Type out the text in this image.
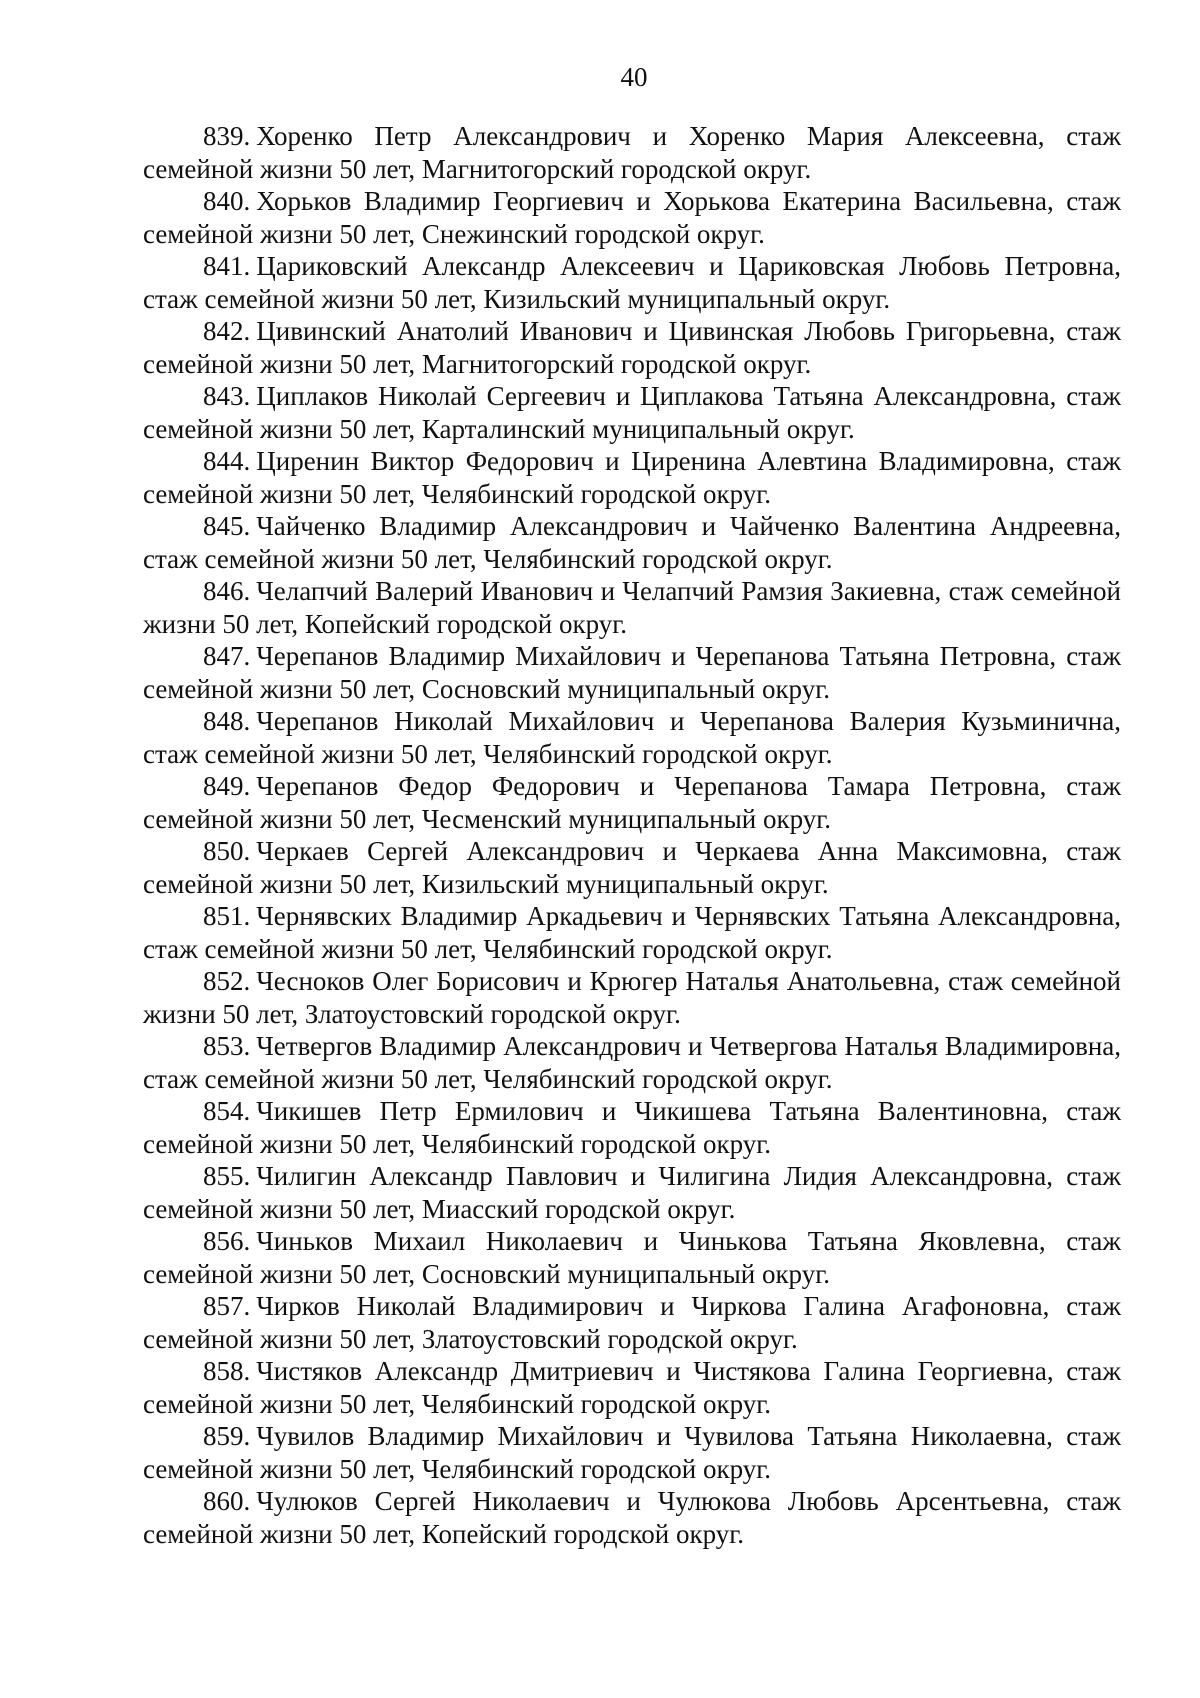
40

839. Хоренко Петр Александрович и Хоренко Мария Алексеевна, стаж семейной жизни 50 лет, Магнитогорский городской округ.

840. Хорьков Владимир Георгиевич и Хорькова Екатерина Васильевна, стаж семейной жизни 50 лет, Снежинский городской округ.

841. Цариковский Александр Алексеевич и Цариковская Любовь Петровна, стаж семейной жизни 50 лет, Кизильский муниципальный округ.

842. Цивинский Анатолий Иванович и Цивинская Любовь Григорьевна, стаж семейной жизни 50 лет, Магнитогорский городской округ.

843. Циплаков Николай Сергеевич и Циплакова Татьяна Александровна, стаж семейной жизни 50 лет, Карталинский муниципальный округ.

844. Циренин Виктор Федорович и Циренина Алевтина Владимировна, стаж семейной жизни 50 лет, Челябинский городской округ.

845. Чайченко Владимир Александрович и Чайченко Валентина Андреевна, стаж семейной жизни 50 лет, Челябинский городской округ.

846. Челапчий Валерий Иванович и Челапчий Рамзия Закиевна, стаж семейной жизни 50 лет, Копейский городской округ.

847. Черепанов Владимир Михайлович и Черепанова Татьяна Петровна, стаж семейной жизни 50 лет, Сосновский муниципальный округ.

848. Черепанов Николай Михайлович и Черепанова Валерия Кузьминична, стаж семейной жизни 50 лет, Челябинский городской округ.

849. Черепанов Федор Федорович и Черепанова Тамара Петровна, стаж семейной жизни 50 лет, Чесменский муниципальный округ.

850. Черкаев Сергей Александрович и Черкаева Анна Максимовна, стаж семейной жизни 50 лет, Кизильский муниципальный округ.

851. Чернявских Владимир Аркадьевич и Чернявских Татьяна Александровна, стаж семейной жизни 50 лет, Челябинский городской округ.

852. Чесноков Олег Борисович и Крюгер Наталья Анатольевна, стаж семейной жизни 50 лет, Златоустовский городской округ.

853. Четвергов Владимир Александрович и Четвергова Наталья Владимировна, стаж семейной жизни 50 лет, Челябинский городской округ.

854. Чикишев Петр Ермилович и Чикишева Татьяна Валентиновна, стаж семейной жизни 50 лет, Челябинский городской округ.

855. Чилигин Александр Павлович и Чилигина Лидия Александровна, стаж семейной жизни 50 лет, Миасский городской округ.

856. Чиньков Михаил Николаевич и Чинькова Татьяна Яковлевна, стаж семейной жизни 50 лет, Сосновский муниципальный округ.

857. Чирков Николай Владимирович и Чиркова Галина Агафоновна, стаж семейной жизни 50 лет, Златоустовский городской округ.

858. Чистяков Александр Дмитриевич и Чистякова Галина Георгиевна, стаж семейной жизни 50 лет, Челябинский городской округ.

859. Чувилов Владимир Михайлович и Чувилова Татьяна Николаевна, стаж семейной жизни 50 лет, Челябинский городской округ.

860. Чулюков Сергей Николаевич и Чулюкова Любовь Арсентьевна, стаж семейной жизни 50 лет, Копейский городской округ.
